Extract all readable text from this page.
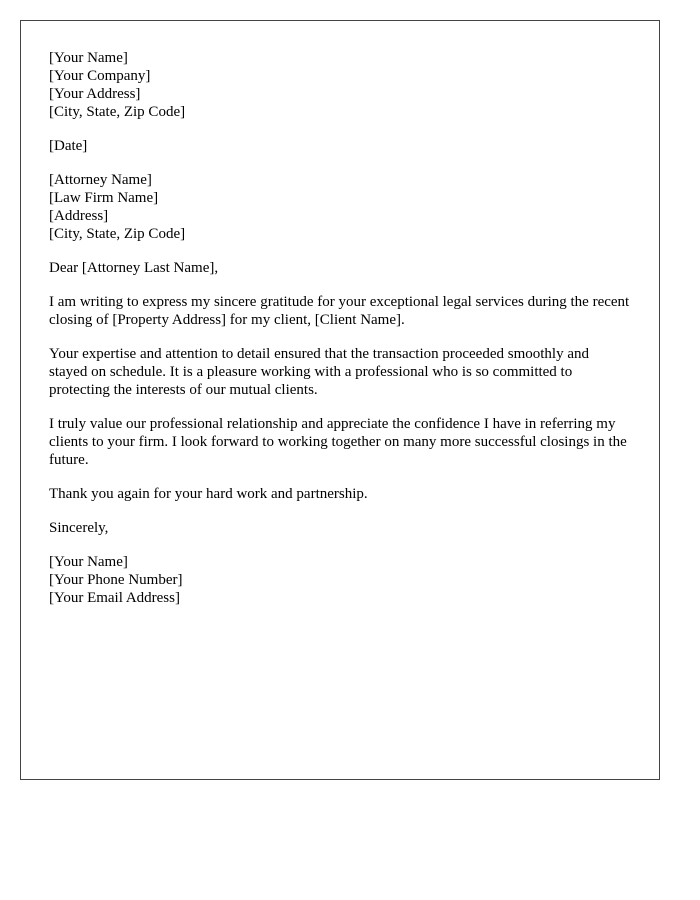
[Your Name]
[Your Company]
[Your Address]
[City, State, Zip Code]
[Date]
[Attorney Name]
[Law Firm Name]
[Address]
[City, State, Zip Code]

Dear [Attorney Last Name],

I am writing to express my sincere gratitude for your exceptional legal services during the recent closing of [Property Address] for my client, [Client Name].

Your expertise and attention to detail ensured that the transaction proceeded smoothly and stayed on schedule. It is a pleasure working with a professional who is so committed to protecting the interests of our mutual clients.

I truly value our professional relationship and appreciate the confidence I have in referring my clients to your firm. I look forward to working together on many more successful closings in the future.

Thank you again for your hard work and partnership.

Sincerely,

[Your Name]
[Your Phone Number]
[Your Email Address]
